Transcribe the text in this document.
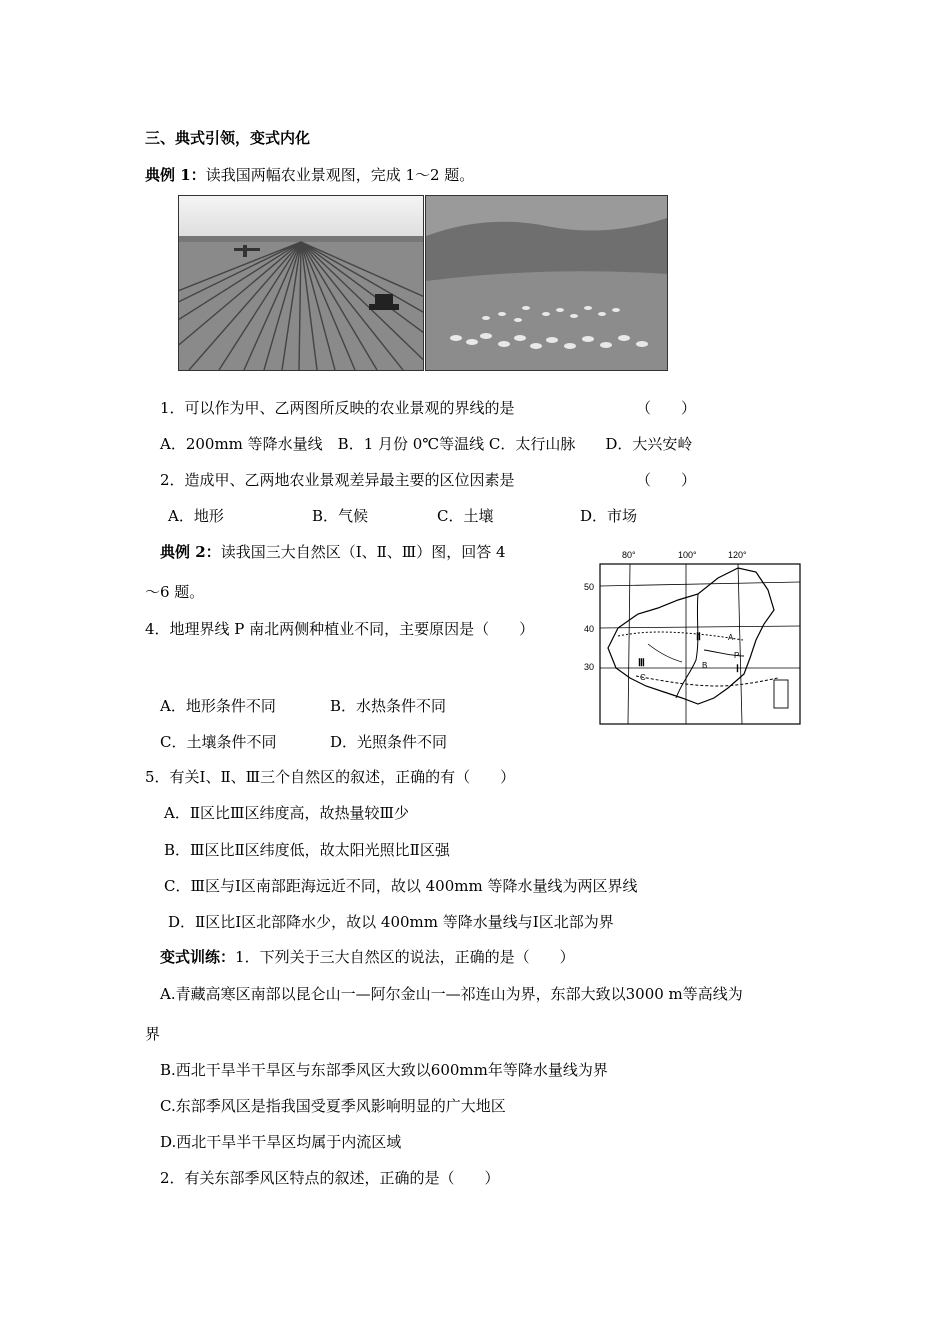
三、典式引领，变式内化
典例 1：读我国两幅农业景观图，完成 1～2 题。
1．可以作为甲、乙两图所反映的农业景观的界线的是	（　　）
A．200mm 等降水量线　B．1 月份 0℃等温线 C．太行山脉　　D．大兴安岭
2．造成甲、乙两地农业景观差异最主要的区位因素是	（　　）
A．地形	B．气候	C．土壤	D．市场
典例 2：读我国三大自然区（Ⅰ、Ⅱ、Ⅲ）图，回答 4
～6 题。
80°	100°	120°
50
40
30	Ⅲ
Ⅱ
Ⅰ
A
B
C
P
4．地理界线 P 南北两侧种植业不同，主要原因是（　　）
A．地形条件不同	B．水热条件不同
C．土壤条件不同	D．光照条件不同
5．有关Ⅰ、Ⅱ、Ⅲ三个自然区的叙述，正确的有（　　）
A．Ⅱ区比Ⅲ区纬度高，故热量较Ⅲ少
B．Ⅲ区比Ⅱ区纬度低，故太阳光照比Ⅱ区强
C．Ⅲ区与Ⅰ区南部距海远近不同，故以 400mm 等降水量线为两区界线
D．Ⅱ区比Ⅰ区北部降水少，故以 400mm 等降水量线与Ⅰ区北部为界
变式训练：1．下列关于三大自然区的说法，正确的是（　　）
A.青藏高寒区南部以昆仑山一—阿尔金山一—祁连山为界，东部大致以3000 m等高线为
界
B.西北干旱半干旱区与东部季风区大致以600mm年等降水量线为界
C.东部季风区是指我国受夏季风影响明显的广大地区
D.西北干旱半干旱区均属于内流区域
2．有关东部季风区特点的叙述，正确的是（　　）
